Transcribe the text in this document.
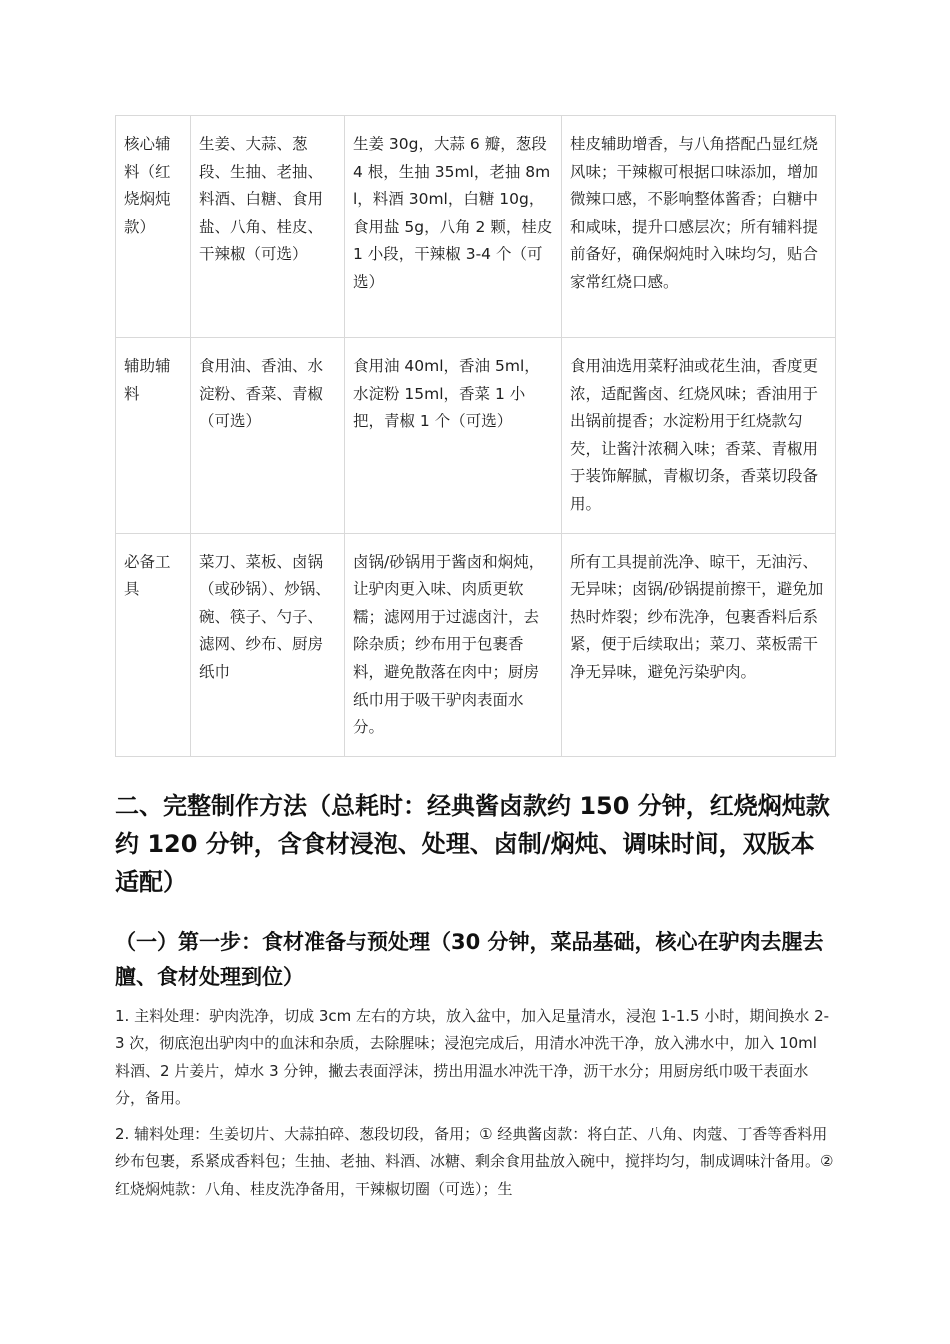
核心辅料（红烧焖炖款）	生姜、大蒜、葱段、生抽、老抽、料酒、白糖、食用盐、八角、桂皮、干辣椒（可选）	生姜 30g，大蒜 6 瓣，葱段 4 根，生抽 35ml，老抽 8ml，料酒 30ml，白糖 10g，食用盐 5g，八角 2 颗，桂皮 1 小段，干辣椒 3-4 个（可选）	桂皮辅助增香，与八角搭配凸显红烧风味；干辣椒可根据口味添加，增加微辣口感，不影响整体酱香；白糖中和咸味，提升口感层次；所有辅料提前备好，确保焖炖时入味均匀，贴合家常红烧口感。
辅助辅料	食用油、香油、水淀粉、香菜、青椒（可选）	食用油 40ml，香油 5ml，水淀粉 15ml，香菜 1 小把，青椒 1 个（可选）	食用油选用菜籽油或花生油，香度更浓，适配酱卤、红烧风味；香油用于出锅前提香；水淀粉用于红烧款勾芡，让酱汁浓稠入味；香菜、青椒用于装饰解腻，青椒切条，香菜切段备用。
必备工具	菜刀、菜板、卤锅（或砂锅）、炒锅、碗、筷子、勺子、滤网、纱布、厨房纸巾	卤锅/砂锅用于酱卤和焖炖，让驴肉更入味、肉质更软糯；滤网用于过滤卤汁，去除杂质；纱布用于包裹香料，避免散落在肉中；厨房纸巾用于吸干驴肉表面水分。	所有工具提前洗净、晾干，无油污、无异味；卤锅/砂锅提前擦干，避免加热时炸裂；纱布洗净，包裹香料后系紧，便于后续取出；菜刀、菜板需干净无异味，避免污染驴肉。
二、完整制作方法（总耗时：经典酱卤款约 150 分钟，红烧焖炖款约 120 分钟，含食材浸泡、处理、卤制/焖炖、调味时间，双版本适配）
（一）第一步：食材准备与预处理（30 分钟，菜品基础，核心在驴肉去腥去膻、食材处理到位）

1. 主料处理：驴肉洗净，切成 3cm 左右的方块，放入盆中，加入足量清水，浸泡 1-1.5 小时，期间换水 2-3 次，彻底泡出驴肉中的血沫和杂质，去除腥味；浸泡完成后，用清水冲洗干净，放入沸水中，加入 10ml 料酒、2 片姜片，焯水 3 分钟，撇去表面浮沫，捞出用温水冲洗干净，沥干水分；用厨房纸巾吸干表面水分，备用。

2. 辅料处理：生姜切片、大蒜拍碎、葱段切段，备用；① 经典酱卤款：将白芷、八角、肉蔻、丁香等香料用纱布包裹，系紧成香料包；生抽、老抽、料酒、冰糖、剩余食用盐放入碗中，搅拌均匀，制成调味汁备用。② 红烧焖炖款：八角、桂皮洗净备用，干辣椒切圈（可选）；生
